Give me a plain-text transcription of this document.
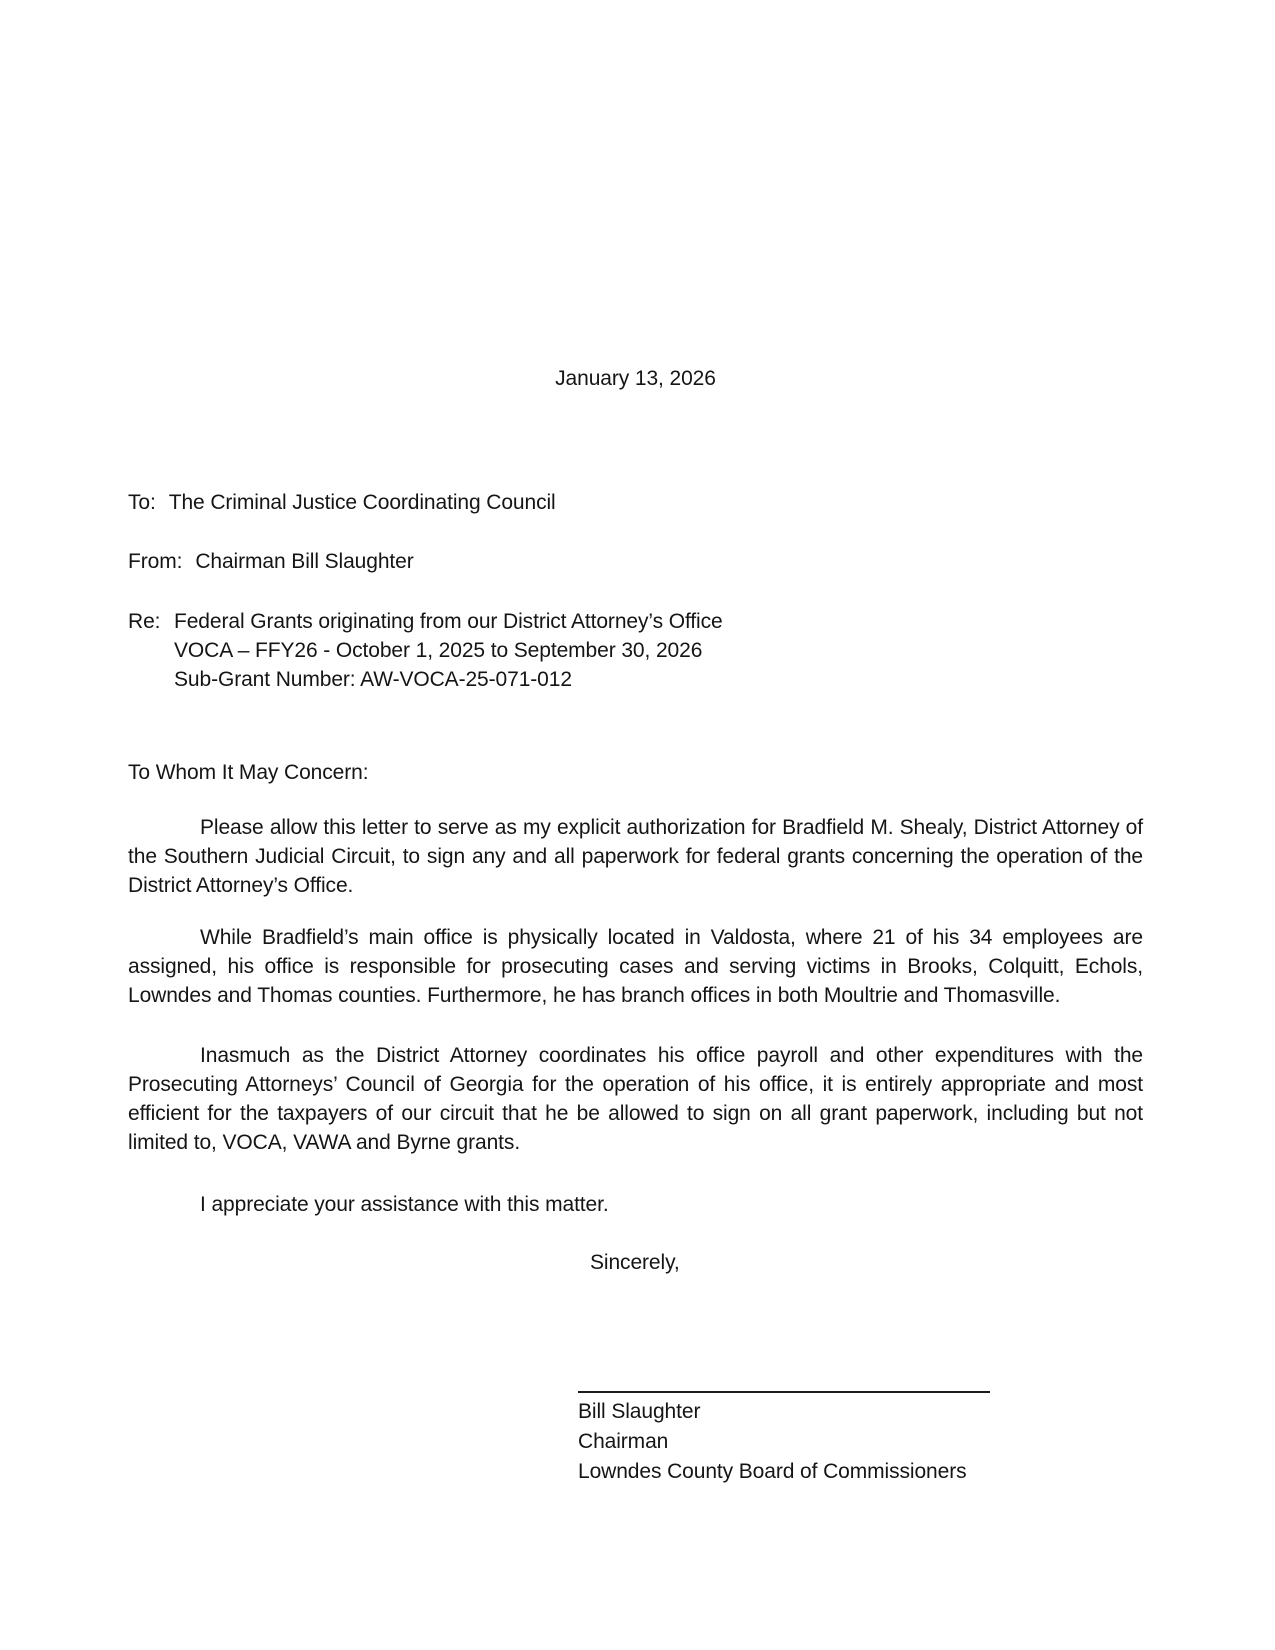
January 13, 2026
To: The Criminal Justice Coordinating Council
From: Chairman Bill Slaughter
Re: Federal Grants originating from our District Attorney’s Office
VOCA – FFY26 - October 1, 2025 to September 30, 2026
Sub-Grant Number: AW-VOCA-25-071-012
To Whom It May Concern:

Please allow this letter to serve as my explicit authorization for Bradfield M. Shealy, District Attorney of the Southern Judicial Circuit, to sign any and all paperwork for federal grants concerning the operation of the District Attorney’s Office.

While Bradfield’s main office is physically located in Valdosta, where 21 of his 34 employees are assigned, his office is responsible for prosecuting cases and serving victims in Brooks, Colquitt, Echols, Lowndes and Thomas counties. Furthermore, he has branch offices in both Moultrie and Thomasville.

Inasmuch as the District Attorney coordinates his office payroll and other expenditures with the Prosecuting Attorneys’ Council of Georgia for the operation of his office, it is entirely appropriate and most efficient for the taxpayers of our circuit that he be allowed to sign on all grant paperwork, including but not limited to, VOCA, VAWA and Byrne grants.

I appreciate your assistance with this matter.
Sincerely,
Bill Slaughter
Chairman
Lowndes County Board of Commissioners
